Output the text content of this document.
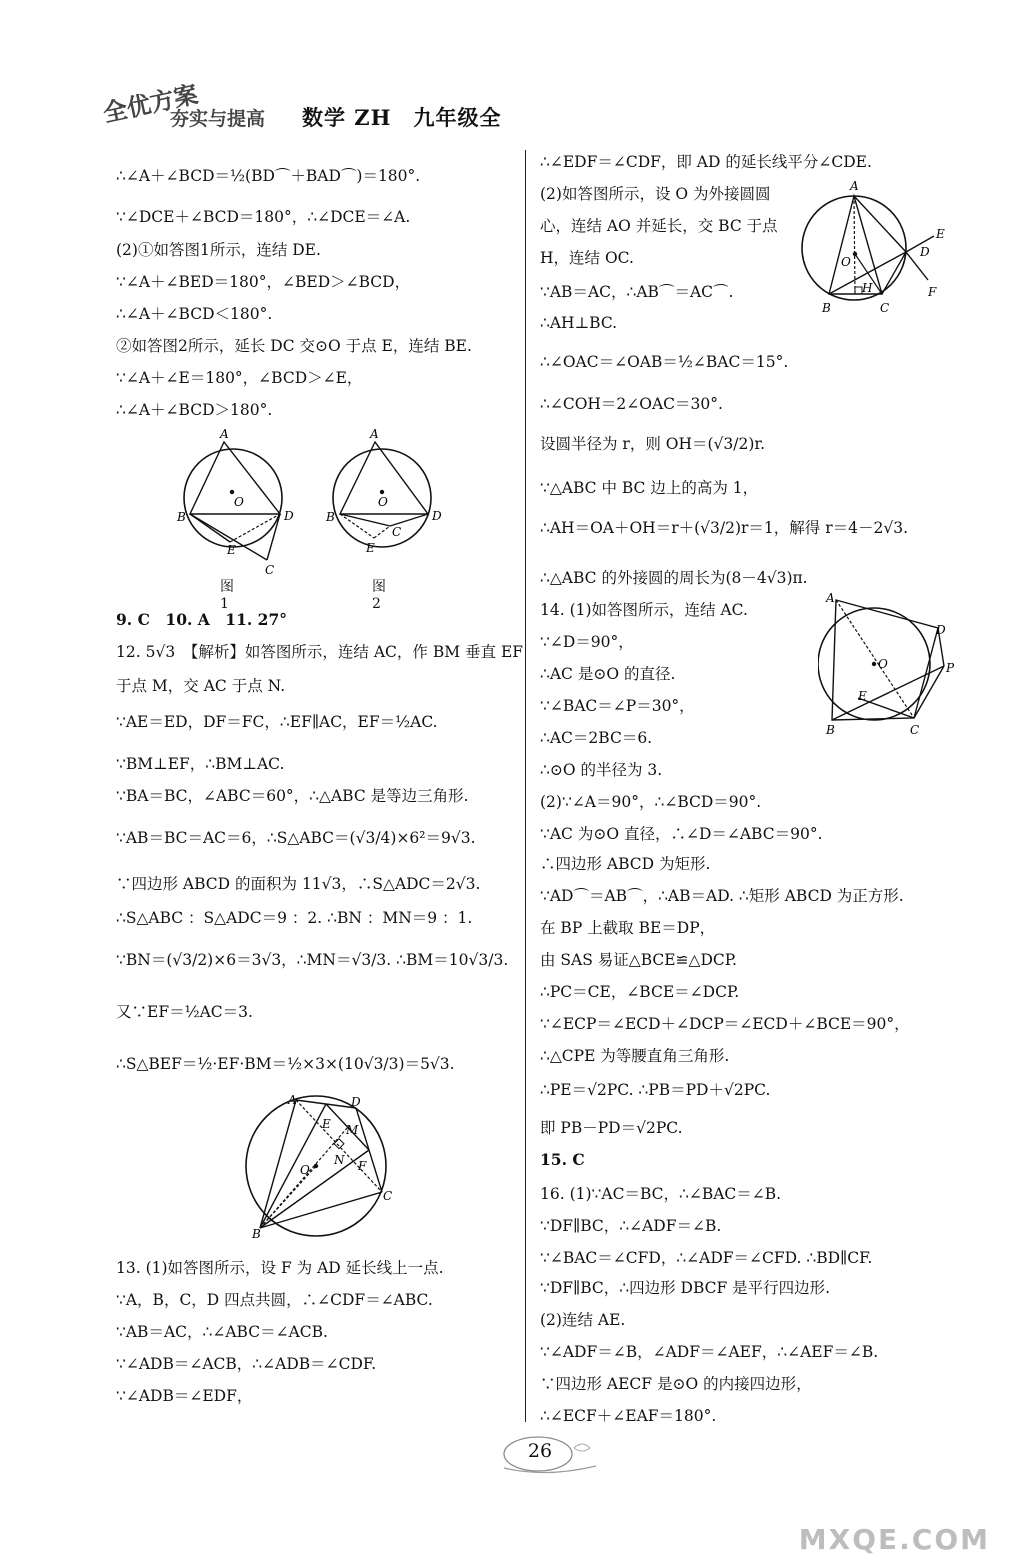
全优方案
夯实与提高 数学 ZH　九年级全
∴∠A＋∠BCD＝½(BD⌒＋BAD⌒)＝180°.
∵∠DCE＋∠BCD＝180°，∴∠DCE＝∠A.
(2)①如答图1所示，连结 DE.
∵∠A＋∠BED＝180°，∠BED＞∠BCD，
∴∠A＋∠BCD＜180°.
②如答图2所示，延长 DC 交⊙O 于点 E，连结 BE.
∵∠A＋∠E＝180°，∠BCD＞∠E，
∴∠A＋∠BCD＞180°.
A
B	D
E
C
O
图1
A
B	D
E
C
O
图2
9. C　10. A　11. 27°
12. 5√3　【解析】如答图所示，连结 AC，作 BM 垂直 EF
于点 M，交 AC 于点 N.
∵AE＝ED，DF＝FC，∴EF∥AC，EF＝½AC.
∵BM⊥EF，∴BM⊥AC.
∵BA＝BC，∠ABC＝60°，∴△ABC 是等边三角形.
∵AB＝BC＝AC＝6，∴S△ABC＝(√3/4)×6²＝9√3.
∵四边形 ABCD 的面积为 11√3，∴S△ADC＝2√3.
∴S△ABC ：S△ADC＝9 ：2. ∴BN ：MN＝9 ：1.
∵BN＝(√3/2)×6＝3√3，∴MN＝√3/3. ∴BM＝10√3/3.
又∵EF＝½AC＝3.
∴S△BEF＝½·EF·BM＝½×3×(10√3/3)＝5√3.
A	D
E M
N
O	F
C
B
13. (1)如答图所示，设 F 为 AD 延长线上一点.
∵A，B，C，D 四点共圆，∴∠CDF＝∠ABC.
∵AB＝AC，∴∠ABC＝∠ACB.
∵∠ADB＝∠ACB，∴∠ADB＝∠CDF.
∵∠ADB＝∠EDF，
∴∠EDF＝∠CDF，即 AD 的延长线平分∠CDE.
(2)如答图所示，设 O 为外接圆圆
心，连结 AO 并延长，交 BC 于点
H，连结 OC.
∵AB＝AC，∴AB⌒＝AC⌒.
∴AH⊥BC.
∴∠OAC＝∠OAB＝½∠BAC＝15°.
∴∠COH＝2∠OAC＝30°.
设圆半径为 r，则 OH＝(√3/2)r.
∵△ABC 中 BC 边上的高为 1，
∴AH＝OA＋OH＝r＋(√3/2)r＝1，解得 r＝4－2√3.
∴△ABC 的外接圆的周长为(8－4√3)π.
A
O
H
B	C
D
E
F
14. (1)如答图所示，连结 AC.
∵∠D＝90°，
∴AC 是⊙O 的直径.
∵∠BAC＝∠P＝30°，
∴AC＝2BC＝6.
∴⊙O 的半径为 3.
A
D
P
O
E
B	C
(2)∵∠A＝90°，∴∠BCD＝90°.
∵AC 为⊙O 直径，∴∠D＝∠ABC＝90°.
∴四边形 ABCD 为矩形.
∵AD⌒＝AB⌒，∴AB＝AD. ∴矩形 ABCD 为正方形.
在 BP 上截取 BE＝DP，
由 SAS 易证△BCE≌△DCP.
∴PC＝CE，∠BCE＝∠DCP.
∵∠ECP＝∠ECD＋∠DCP＝∠ECD＋∠BCE＝90°，
∴△CPE 为等腰直角三角形.
∴PE＝√2PC. ∴PB＝PD＋√2PC.
即 PB－PD＝√2PC.
15. C
16. (1)∵AC＝BC，∴∠BAC＝∠B.
∵DF∥BC，∴∠ADF＝∠B.
∵∠BAC＝∠CFD，∴∠ADF＝∠CFD. ∴BD∥CF.
∵DF∥BC，∴四边形 DBCF 是平行四边形.
(2)连结 AE.
∵∠ADF＝∠B，∠ADF＝∠AEF，∴∠AEF＝∠B.
∵四边形 AECF 是⊙O 的内接四边形，
∴∠ECF＋∠EAF＝180°.
26
MXQE.COM
